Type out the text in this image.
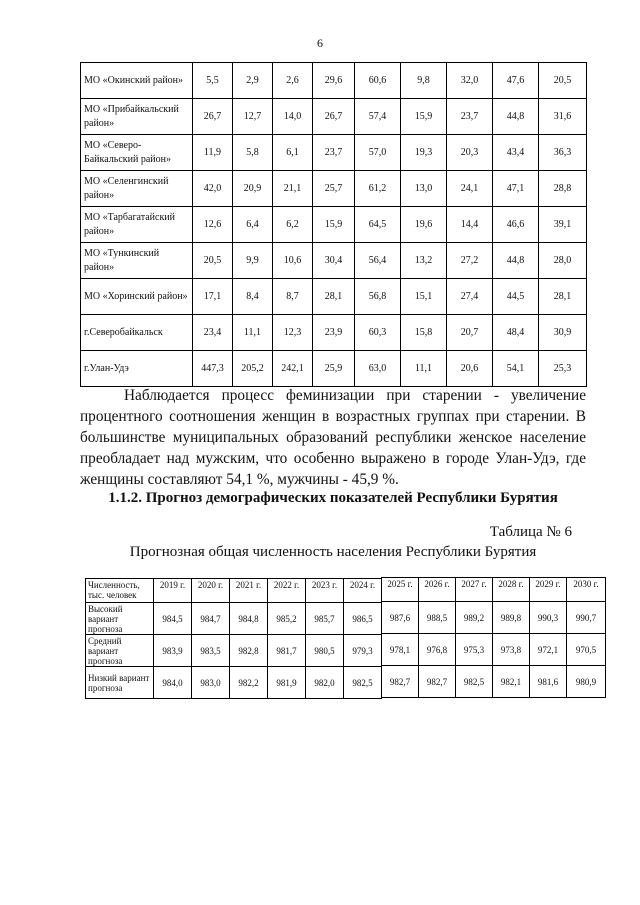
6
МО «Окинский район»	5,5	2,9	2,6	29,6	60,6	9,8	32,0	47,6	20,5
МО «Прибайкальский район»	26,7	12,7	14,0	26,7	57,4	15,9	23,7	44,8	31,6
МО «Северо-Байкальский район»	11,9	5,8	6,1	23,7	57,0	19,3	20,3	43,4	36,3
МО «Селенгинский район»	42,0	20,9	21,1	25,7	61,2	13,0	24,1	47,1	28,8
МО «Тарбагатайский район»	12,6	6,4	6,2	15,9	64,5	19,6	14,4	46,6	39,1
МО «Тункинский район»	20,5	9,9	10,6	30,4	56,4	13,2	27,2	44,8	28,0
МО «Хоринский район»	17,1	8,4	8,7	28,1	56,8	15,1	27,4	44,5	28,1
г.Северобайкальск	23,4	11,1	12,3	23,9	60,3	15,8	20,7	48,4	30,9
г.Улан-Удэ	447,3	205,2	242,1	25,9	63,0	11,1	20,6	54,1	25,3
Наблюдается процесс феминизации при старении - увеличение процентного соотношения женщин в возрастных группах при старении. В большинстве муниципальных образований республики женское население преобладает над мужским, что особенно выражено в городе Улан-Удэ, где женщины составляют 54,1 %, мужчины - 45,9 %.
1.1.2. Прогноз демографических показателей Республики Бурятия
Таблица № 6
Прогнозная общая численность населения Республики Бурятия
Численность, тыс. человек	2019 г.	2020 г.	2021 г.	2022 г.	2023 г.	2024 г.
Высокий вариант прогноза	984,5	984,7	984,8	985,2	985,7	986,5
Средний вариант прогноза	983,9	983,5	982,8	981,7	980,5	979,3
Низкий вариант прогноза	984,0	983,0	982,2	981,9	982,0	982,5
2025 г.	2026 г.	2027 г.	2028 г.	2029 г.	2030 г.
987,6	988,5	989,2	989,8	990,3	990,7
978,1	976,8	975,3	973,8	972,1	970,5
982,7	982,7	982,5	982,1	981,6	980,9
